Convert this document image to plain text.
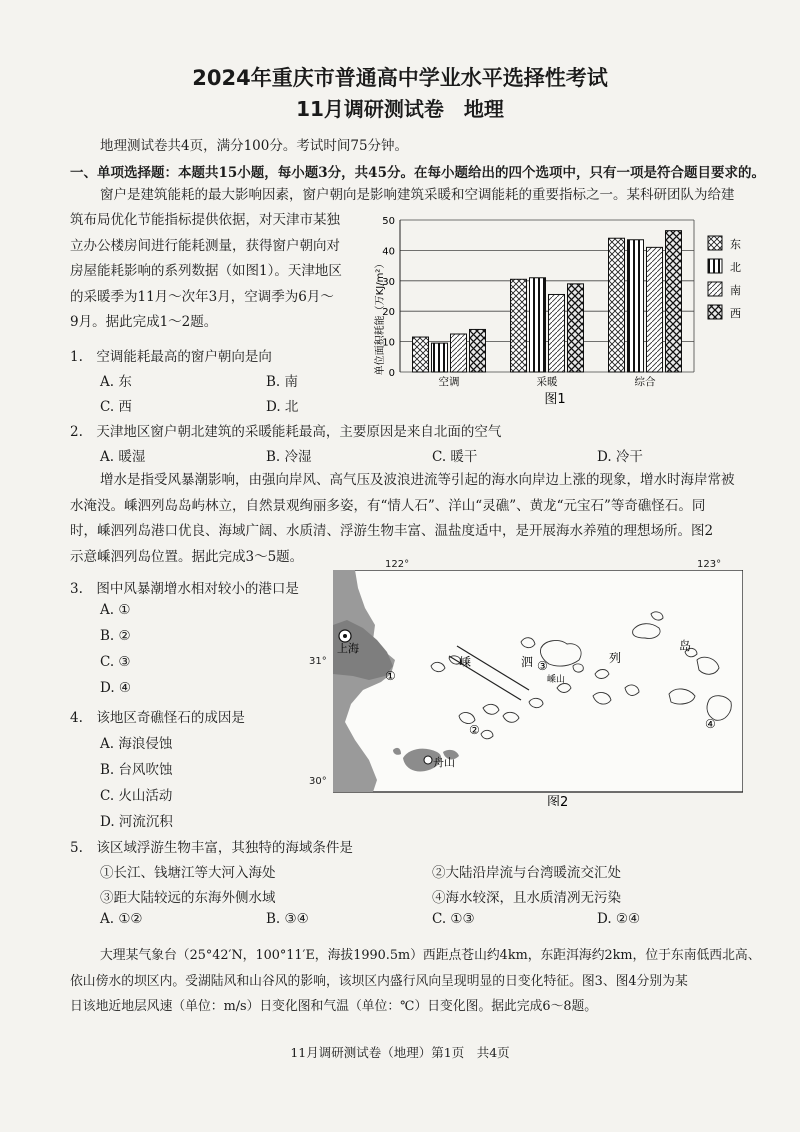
2024年重庆市普通高中学业水平选择性考试
11月调研测试卷　地理
地理测试卷共4页，满分100分。考试时间75分钟。
一、单项选择题：本题共15小题，每小题3分，共45分。在每小题给出的四个选项中，只有一项是符合题目要求的。
窗户是建筑能耗的最大影响因素，窗户朝向是影响建筑采暖和空调能耗的重要指标之一。某科研团队为给建
筑布局优化节能指标提供依据，对天津市某独
立办公楼房间进行能耗测量，获得窗户朝向对
房屋能耗影响的系列数据（如图1）。天津地区
的采暖季为11月～次年3月，空调季为6月～
9月。据此完成1～2题。
0
10
20
30
40
50
空调	采暖	综合
东
北
南
西
单位面积耗能（万KJ/m²）
图1
1.　空调能耗最高的窗户朝向是向
A. 东	B. 南
C. 西	D. 北
2.　天津地区窗户朝北建筑的采暖能耗最高，主要原因是来自北面的空气
A. 暖湿	B. 冷湿	C. 暖干	D. 冷干
增水是指受风暴潮影响，由强向岸风、高气压及波浪进流等引起的海水向岸边上涨的现象，增水时海岸常被
水淹没。嵊泗列岛岛屿林立，自然景观绚丽多姿，有“情人石”、洋山“灵礁”、黄龙“元宝石”等奇礁怪石。同
时，嵊泗列岛港口优良、海域广阔、水质清、浮游生物丰富、温盐度适中，是开展海水养殖的理想场所。图2
示意嵊泗列岛位置。据此完成3～5题。
3.　图中风暴潮增水相对较小的港口是
A. ①
B. ②
C. ③
D. ④
4.　该地区奇礁怪石的成因是
A. 海浪侵蚀
B. 台风吹蚀
C. 火山活动
D. 河流沉积
上海
舟山
嵊	泗	列
岛
嵊山
①
②
③
④
图2
31°
30°
122°	123°
5.　该区域浮游生物丰富，其独特的海域条件是
①长江、钱塘江等大河入海处	②大陆沿岸流与台湾暖流交汇处
③距大陆较远的东海外侧水域	④海水较深，且水质清冽无污染
A. ①②	B. ③④	C. ①③	D. ②④
大理某气象台（25°42′N，100°11′E，海拔1990.5m）西距点苍山约4km，东距洱海约2km，位于东南低西北高、
依山傍水的坝区内。受湖陆风和山谷风的影响，该坝区内盛行风向呈现明显的日变化特征。图3、图4分别为某
日该地近地层风速（单位：m/s）日变化图和气温（单位：℃）日变化图。据此完成6～8题。
11月调研测试卷（地理）第1页　共4页
